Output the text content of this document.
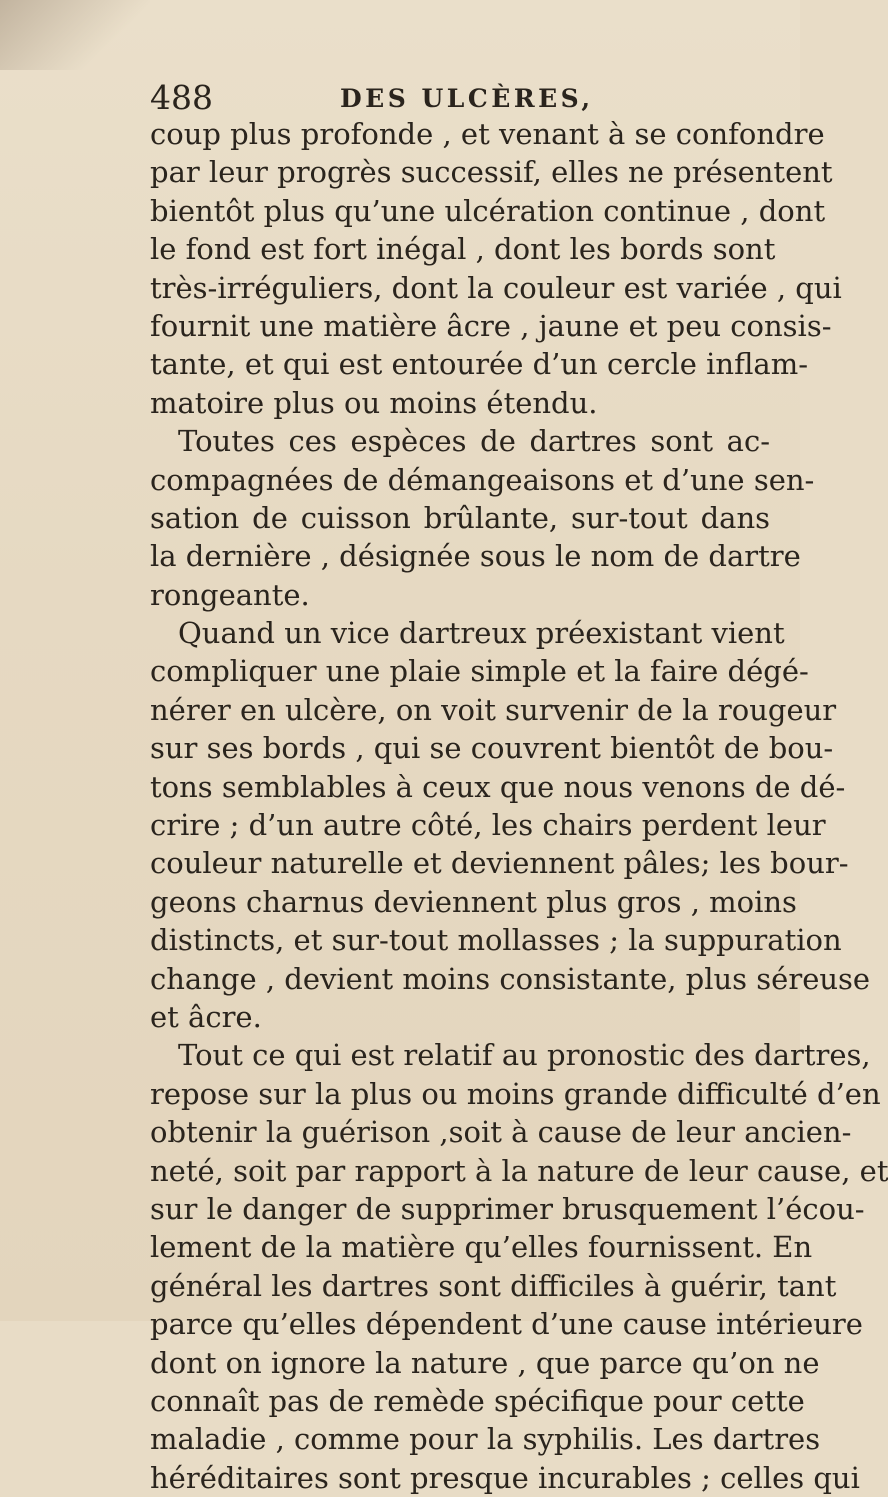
488	DES ULCÈRES,
coup plus profonde , et venant à se confondre
par leur progrès successif, elles ne présentent
bientôt plus qu’une ulcération continue , dont
le fond est fort inégal , dont les bords sont
très-irréguliers, dont la couleur est variée , qui
fournit une matière âcre , jaune et peu consis-
tante, et qui est entourée d’un cercle inflam-
matoire plus ou moins étendu.
Toutes ces espèces de dartres sont ac-
compagnées de démangeaisons et d’une sen-
sation de cuisson brûlante, sur-tout dans
la dernière , désignée sous le nom de dartre
rongeante.
Quand un vice dartreux préexistant vient
compliquer une plaie simple et la faire dégé-
nérer en ulcère, on voit survenir de la rougeur
sur ses bords , qui se couvrent bientôt de bou-
tons semblables à ceux que nous venons de dé-
crire ; d’un autre côté, les chairs perdent leur
couleur naturelle et deviennent pâles; les bour-
geons charnus deviennent plus gros , moins
distincts, et sur-tout mollasses ; la suppuration
change , devient moins consistante, plus séreuse
et âcre.
Tout ce qui est relatif au pronostic des dartres,
repose sur la plus ou moins grande difficulté d’en
obtenir la guérison ,soit à cause de leur ancien-
neté, soit par rapport à la nature de leur cause, et
sur le danger de supprimer brusquement l’écou-
lement de la matière qu’elles fournissent. En
général les dartres sont difficiles à guérir, tant
parce qu’elles dépendent d’une cause intérieure
dont on ignore la nature , que parce qu’on ne
connaît pas de remède spécifique pour cette
maladie , comme pour la syphilis. Les dartres
héréditaires sont presque incurables ; celles qui
